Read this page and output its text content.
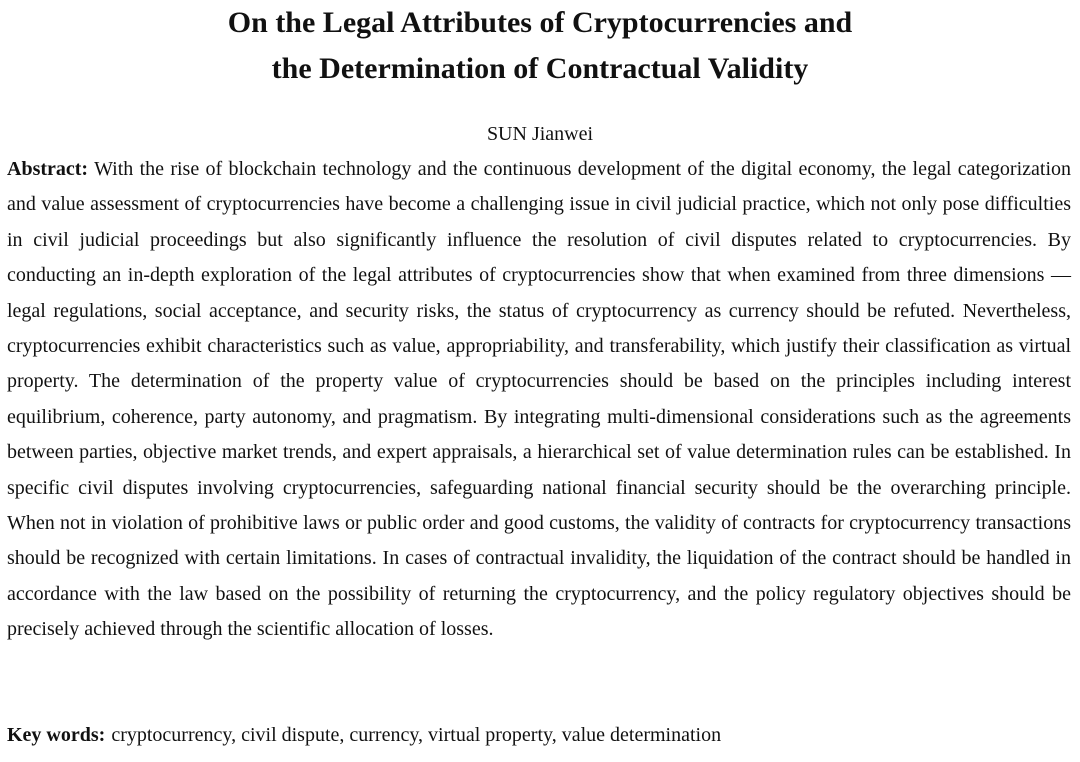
On the Legal Attributes of Cryptocurrencies and
the Determination of Contractual Validity
SUN Jianwei

Abstract: With the rise of blockchain technology and the continuous development of the digital economy, the legal categorization and value assessment of cryptocurrencies have become a challenging issue in civil judicial practice, which not only pose difficulties in civil judicial proceedings but also significantly influence the resolution of civil disputes related to cryptocurrencies. By conducting an in-depth exploration of the legal attributes of cryptocurrencies show that when examined from three dimensions — legal regulations, social acceptance, and security risks, the status of cryptocurrency as currency should be refuted. Nevertheless, cryptocurrencies exhibit characteristics such as value, appropriability, and transferability, which justify their classification as virtual property. The determination of the property value of cryptocurrencies should be based on the principles including interest equilibrium, coherence, party autonomy, and pragmatism. By integrating multi-dimensional considerations such as the agreements between parties, objective market trends, and expert appraisals, a hierarchical set of value determination rules can be established. In specific civil disputes involving cryptocurrencies, safeguarding national financial security should be the overarching principle. When not in violation of prohibitive laws or public order and good customs, the validity of contracts for cryptocurrency transactions should be recognized with certain limitations. In cases of contractual invalidity, the liquidation of the contract should be handled in accordance with the law based on the possibility of returning the cryptocurrency, and the policy regulatory objectives should be precisely achieved through the scientific allocation of losses.

Key words: cryptocurrency, civil dispute, currency, virtual property, value determination
